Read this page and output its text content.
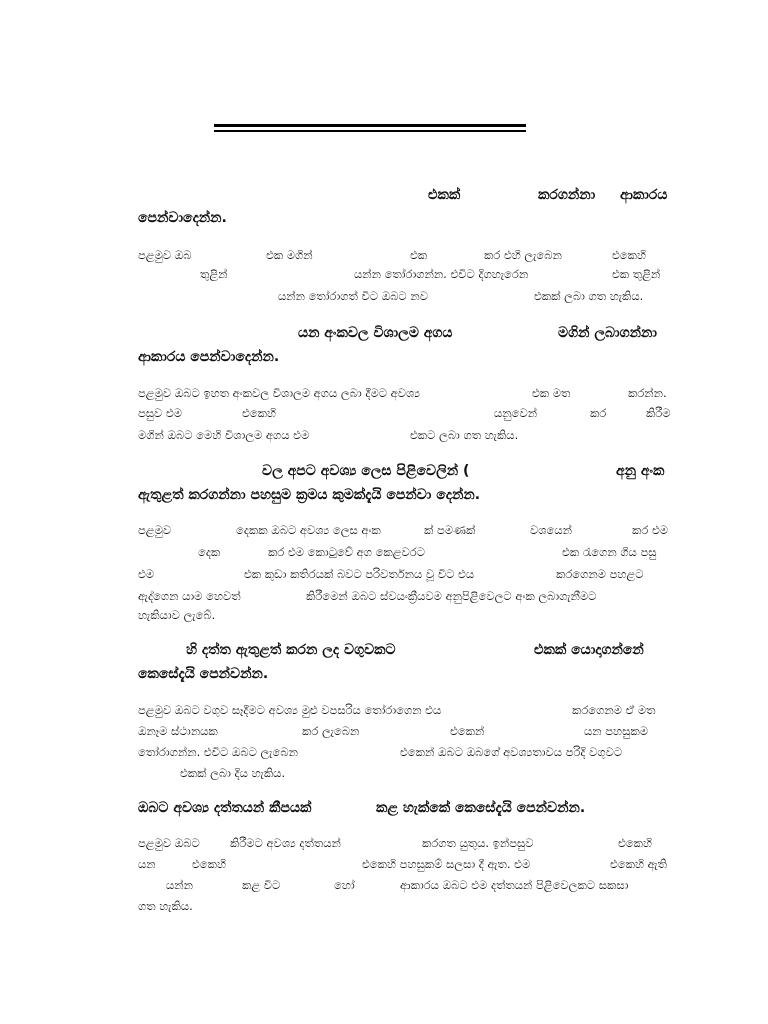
එකක්	කරගන්නා ආකාරය
පෙන්වාදෙන්න.
පළමුව ඔබ	එක මගින්	එක	කර එහි ලැබෙන	එකෙහි
තුළින්	යන්න තෝරාගන්න. එවිට දිගහැරෙන	එක තුළින්
යන්න තෝරාගත් විට ඔබට නව	එකක් ලබා ගත හැකිය.
යන අංකවල විශාලම අගය	මගින් ලබාගන්නා
ආකාරය පෙන්වාදෙන්න.
පළමුව ඔබට ඉහත අංකවල විශාලම අගය ලබා දීමට අවශ්‍ය	එක මත	කරන්න.
පසුව එම	එකෙහි	යනුවෙන්	කර	කිරීම
මගින් ඔබට මෙහි විශාලම අගය එම	එකට ලබා ගත හැකිය.
වල අපට අවශ්‍ය ලෙස පිළිවෙලින් (	අනු අංක
ඇතුළත් කරගන්නා පහසුම ක්‍රමය කුමක්දැයි පෙන්වා දෙන්න.
පළමුව	දෙකක ඔබට අවශ්‍ය ලෙස අංක	ක් පමණක්	වශයෙන්	කර එම
දෙක	කර එම කොටුවේ අග කෙළවරට	එක රැගෙන ගිය පසු
එම	එක කුඩා කතිරයක් බවට පරිවර්තනය වූ විට එය	කරගෙනම පහළට
ඇද්ගෙන යාම හෙවත්	කිරීමෙන් ඔබට ස්වයංක්‍රීයවම අනුපිළිවෙලට අංක ලබාගැනීමට
හැකියාව ලැබේ.
හි දත්ත ඇතුළත් කරන ලද වගුවකට	එකක් යොදාගන්නේ
කෙසේදැයි පෙන්වන්න.
පළමුව ඔබට වගුව සෑදීමට අවශ්‍ය මුළු වපසරිය තෝරාගෙන එය	කරගෙනම ඒ මත
ඔනෑම ස්ථානයක	කර ලැබෙන	එකෙන්	යන පහසුකම
තෝරාගන්න. එවිට ඔබට ලැබෙන	එකෙන් ඔබට ඔබගේ අවශ්‍යතාවය පරිදි වගුවට
එකක් ලබා දිය හැකිය.
ඔබට අවශ්‍ය දත්තයන් කීපයක්	කළ හැක්කේ කෙසේදැයි පෙන්වන්න.
පළමුව ඔබට	කිරීමට අවශ්‍ය දත්තයන්	කරගත යුතුය. ඉන්පසුව	එකෙහි
යන	එකෙහි	එකෙහි පහසුකම් සලසා දී ඇත. එම	එකෙහි ඇති
යන්න	කළ විට	හෝ	ආකාරය ඔබට එම දත්තයන් පිළිවෙලකට සකසා
ගත හැකිය.
